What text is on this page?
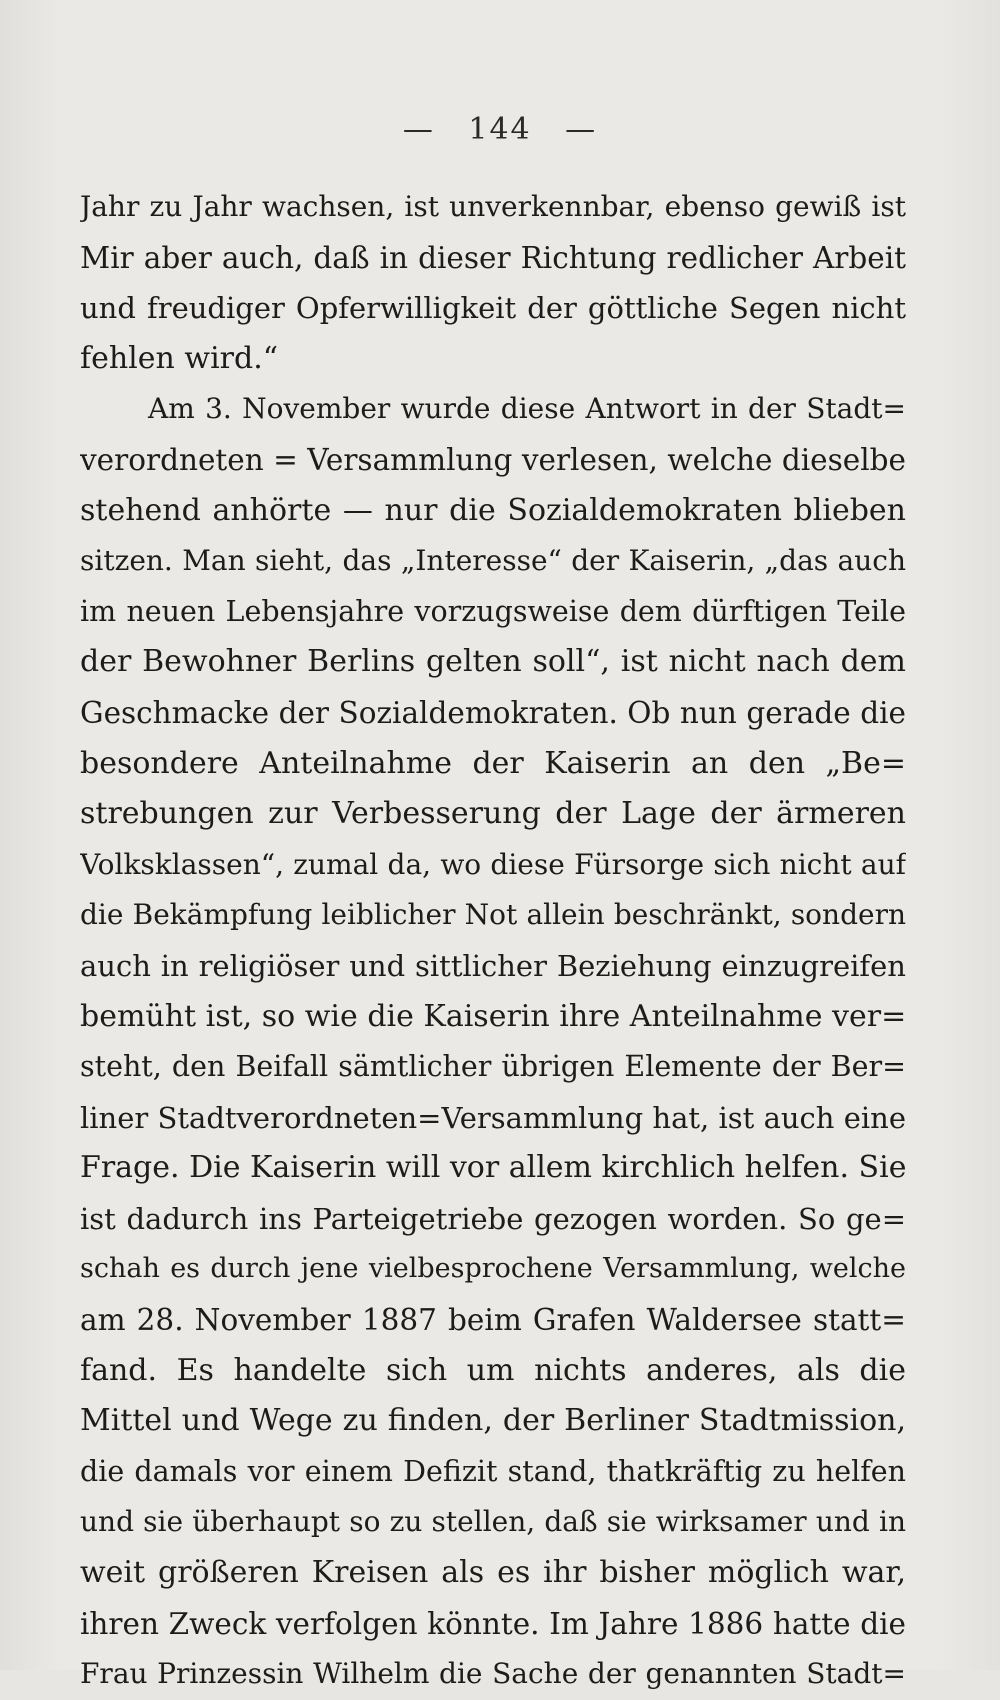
— 144 —
Jahr zu Jahr wachsen, ist unverkennbar, ebenso gewiß ist
Mir aber auch, daß in dieser Richtung redlicher Arbeit
und freudiger Opferwilligkeit der göttliche Segen nicht
fehlen wird.“
Am 3. November wurde diese Antwort in der Stadt=
verordneten = Versammlung verlesen, welche dieselbe
stehend anhörte — nur die Sozialdemokraten blieben
sitzen. Man sieht, das „Interesse“ der Kaiserin, „das auch
im neuen Lebensjahre vorzugsweise dem dürftigen Teile
der Bewohner Berlins gelten soll“, ist nicht nach dem
Geschmacke der Sozialdemokraten. Ob nun gerade die
besondere Anteilnahme der Kaiserin an den „Be=
strebungen zur Verbesserung der Lage der ärmeren
Volksklassen“, zumal da, wo diese Fürsorge sich nicht auf
die Bekämpfung leiblicher Not allein beschränkt, sondern
auch in religiöser und sittlicher Beziehung einzugreifen
bemüht ist, so wie die Kaiserin ihre Anteilnahme ver=
steht, den Beifall sämtlicher übrigen Elemente der Ber=
liner Stadtverordneten=Versammlung hat, ist auch eine
Frage. Die Kaiserin will vor allem kirchlich helfen. Sie
ist dadurch ins Parteigetriebe gezogen worden. So ge=
schah es durch jene vielbesprochene Versammlung, welche
am 28. November 1887 beim Grafen Waldersee statt=
fand. Es handelte sich um nichts anderes, als die
Mittel und Wege zu finden, der Berliner Stadtmission,
die damals vor einem Defizit stand, thatkräftig zu helfen
und sie überhaupt so zu stellen, daß sie wirksamer und in
weit größeren Kreisen als es ihr bisher möglich war,
ihren Zweck verfolgen könnte. Im Jahre 1886 hatte die
Frau Prinzessin Wilhelm die Sache der genannten Stadt=
